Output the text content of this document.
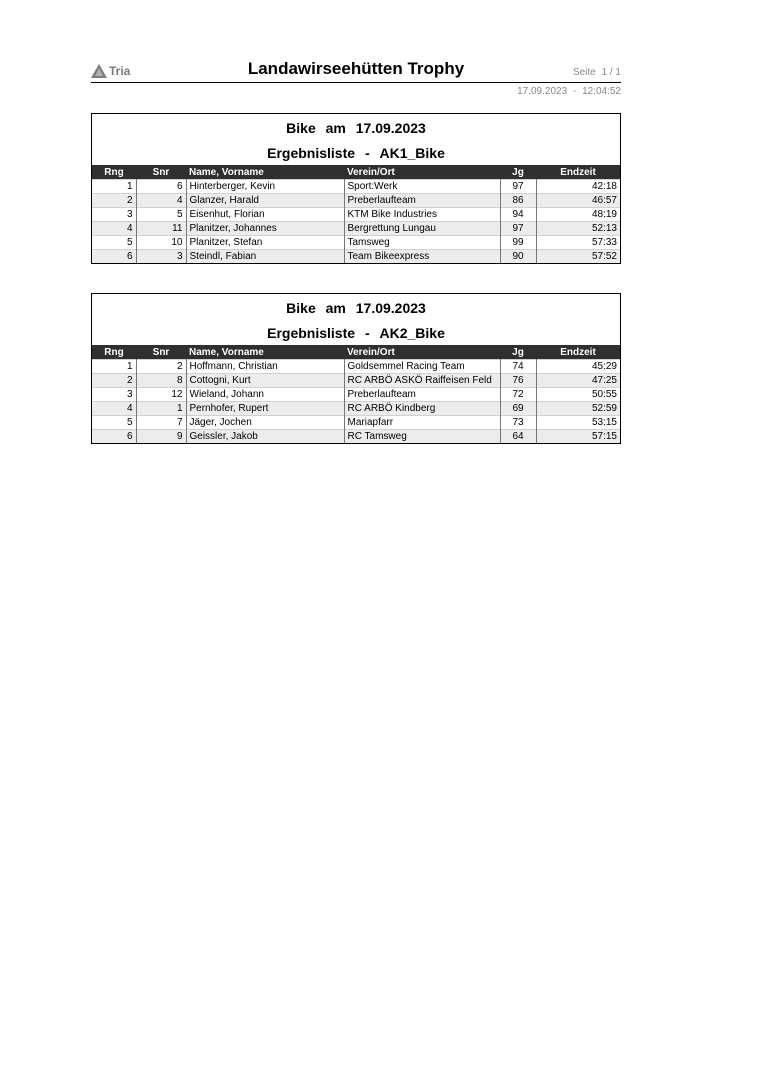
Tria	Landawirseehütten Trophy	Seite 1 / 1
17.09.2023 - 12:04:52
Bike am 17.09.2023
Ergebnisliste - AK1_Bike
Rng	Snr	Name, Vorname	Verein/Ort	Jg	Endzeit
1	6	Hinterberger, Kevin	Sport:Werk	97	42:18
2	4	Glanzer, Harald	Preberlaufteam	86	46:57
3	5	Eisenhut, Florian	KTM Bike Industries	94	48:19
4	11	Planitzer, Johannes	Bergrettung Lungau	97	52:13
5	10	Planitzer, Stefan	Tamsweg	99	57:33
6	3	Steindl, Fabian	Team Bikeexpress	90	57:52
Bike am 17.09.2023
Ergebnisliste - AK2_Bike
Rng	Snr	Name, Vorname	Verein/Ort	Jg	Endzeit
1	2	Hoffmann, Christian	Goldsemmel Racing Team	74	45:29
2	8	Cottogni, Kurt	RC ARBÖ ASKÖ Raiffeisen Feld	76	47:25
3	12	Wieland, Johann	Preberlaufteam	72	50:55
4	1	Pernhofer, Rupert	RC ARBÖ Kindberg	69	52:59
5	7	Jäger, Jochen	Mariapfarr	73	53:15
6	9	Geissler, Jakob	RC Tamsweg	64	57:15
